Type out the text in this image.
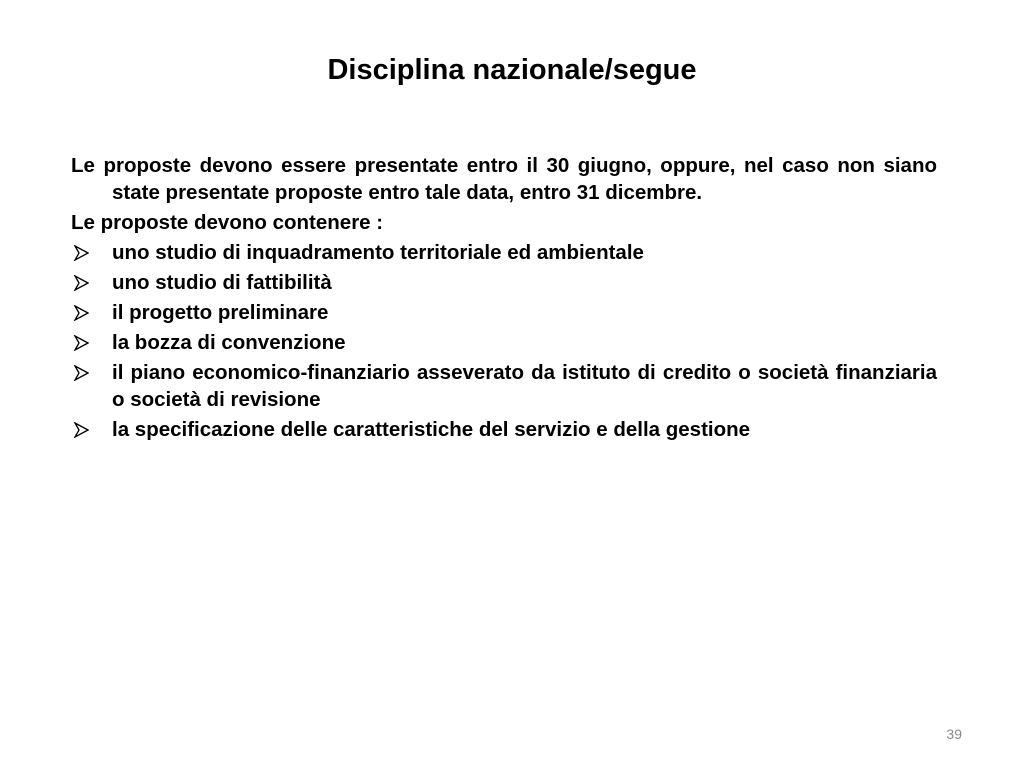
Disciplina nazionale/segue

Le proposte devono essere presentate entro il 30 giugno, oppure, nel caso non siano state presentate proposte entro tale data, entro 31 dicembre.

Le proposte devono contenere :

uno studio di inquadramento territoriale ed ambientale
uno studio di fattibilità
il progetto preliminare
la bozza di convenzione
il piano economico-finanziario asseverato da istituto di credito o società finanziaria o società di revisione
la specificazione delle caratteristiche del servizio e della gestione
39
